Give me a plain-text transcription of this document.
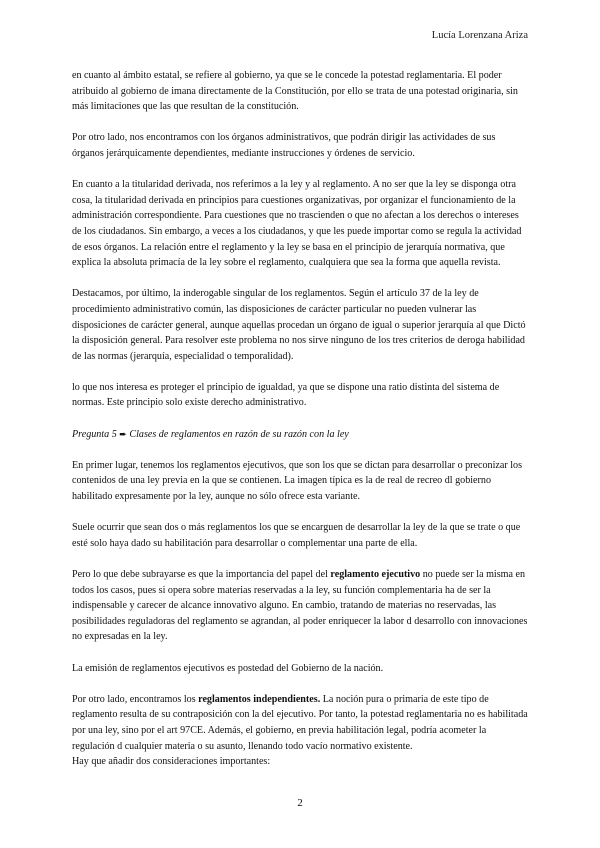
Lucía Lorenzana Ariza

en cuanto al ámbito estatal, se refiere al gobierno, ya que se le concede la potestad reglamentaria. El poder atribuido al gobierno de imana directamente de la Constitución, por ello se trata de una potestad originaria, sin más limitaciones que las que resultan de la constitución.

Por otro lado, nos encontramos con los órganos administrativos, que podrán dirigir las actividades de sus órganos jerárquicamente dependientes, mediante instrucciones y órdenes de servicio.

En cuanto a la titularidad derivada, nos referimos a la ley y al reglamento. A no ser que la ley se disponga otra cosa, la titularidad derivada en principios para cuestiones organizativas, por organizar el funcionamiento de la administración correspondiente. Para cuestiones que no trascienden o que no afectan a los derechos o intereses de los ciudadanos. Sin embargo, a veces a los ciudadanos, y que les puede importar como se regula la actividad de esos órganos. La relación entre el reglamento y la ley se basa en el principio de jerarquía normativa, que explica la absoluta primacía de la ley sobre el reglamento, cualquiera que sea la forma que aquella revista.

Destacamos, por último, la inderogable singular de los reglamentos. Según el artículo 37 de la ley de procedimiento administrativo común, las disposiciones de carácter particular no pueden vulnerar las disposiciones de carácter general, aunque aquellas procedan un órgano de igual o superior jerarquía al que Dictó la disposición general. Para resolver este problema no nos sirve ninguno de los tres criterios de deroga habilidad de las normas (jerarquía, especialidad o temporalidad).

lo que nos interesa es proteger el principio de igualdad, ya que se dispone una ratio distinta del sistema de normas. Este principio solo existe derecho administrativo.

Pregunta 5 ➨ Clases de reglamentos en razón de su razón con la ley

En primer lugar, tenemos los reglamentos ejecutivos, que son los que se dictan para desarrollar o preconizar los contenidos de una ley previa en la que se contienen. La imagen típica es la de real de recreo dl gobierno habilitado expresamente por la ley, aunque no sólo ofrece esta variante.

Suele ocurrir que sean dos o más reglamentos los que se encarguen de desarrollar la ley de la que se trate o que esté solo haya dado su habilitación para desarrollar o complementar una parte de ella.

Pero lo que debe subrayarse es que la importancia del papel del reglamento ejecutivo no puede ser la misma en todos los casos, pues si opera sobre materias reservadas a la ley, su función complementaria ha de ser la indispensable y carecer de alcance innovativo alguno. En cambio, tratando de materias no reservadas, las posibilidades reguladoras del reglamento se agrandan, al poder enriquecer la labor d desarrollo con innovaciones no expresadas en la ley.

La emisión de reglamentos ejecutivos es postedad del Gobierno de la nación.

Por otro lado, encontramos los reglamentos independientes. La noción pura o primaria de este tipo de reglamento resulta de su contraposición con la del ejecutivo. Por tanto, la potestad reglamentaria no es habilitada por una ley, sino por el art 97CE. Además, el gobierno, en previa habilitación legal, podría acometer la regulación d cualquier materia o su asunto, llenando todo vacío normativo existente.

Hay que añadir dos consideraciones importantes:

2
